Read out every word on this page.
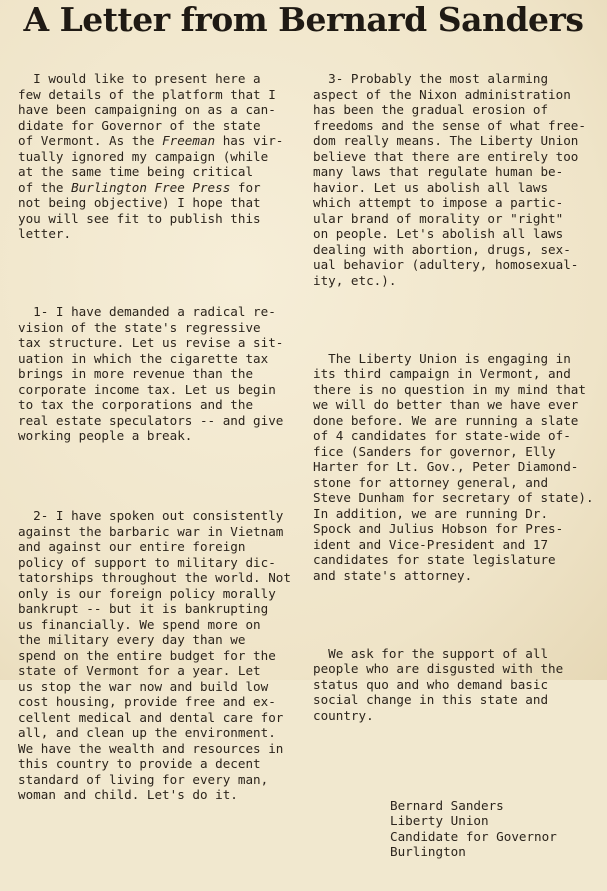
A Letter from Bernard Sanders

I would like to present here a
few details of the platform that I
have been campaigning on as a can-
didate for Governor of the state
of Vermont. As the Freeman has vir-
tually ignored my campaign (while
at the same time being critical
of the Burlington Free Press for
not being objective) I hope that
you will see fit to publish this
letter.

1- I have demanded a radical re-
vision of the state's regressive
tax structure. Let us revise a sit-
uation in which the cigarette tax
brings in more revenue than the
corporate income tax. Let us begin
to tax the corporations and the
real estate speculators -- and give
working people a break.

2- I have spoken out consistently
against the barbaric war in Vietnam
and against our entire foreign
policy of support to military dic-
tatorships throughout the world. Not
only is our foreign policy morally
bankrupt -- but it is bankrupting
us financially. We spend more on
the military every day than we
spend on the entire budget for the
state of Vermont for a year. Let
us stop the war now and build low
cost housing, provide free and ex-
cellent medical and dental care for
all, and clean up the environment.
We have the wealth and resources in
this country to provide a decent
standard of living for every man,
woman and child. Let's do it.

3- Probably the most alarming
aspect of the Nixon administration
has been the gradual erosion of
freedoms and the sense of what free-
dom really means. The Liberty Union
believe that there are entirely too
many laws that regulate human be-
havior. Let us abolish all laws
which attempt to impose a partic-
ular brand of morality or "right"
on people. Let's abolish all laws
dealing with abortion, drugs, sex-
ual behavior (adultery, homosexual-
ity, etc.).

The Liberty Union is engaging in
its third campaign in Vermont, and
there is no question in my mind that
we will do better than we have ever
done before. We are running a slate
of 4 candidates for state-wide of-
fice (Sanders for governor, Elly
Harter for Lt. Gov., Peter Diamond-
stone for attorney general, and
Steve Dunham for secretary of state).
In addition, we are running Dr.
Spock and Julius Hobson for Pres-
ident and Vice-President and 17
candidates for state legislature
and state's attorney.

We ask for the support of all
people who are disgusted with the
status quo and who demand basic
social change in this state and
country.

Bernard Sanders
Liberty Union
Candidate for Governor
Burlington
